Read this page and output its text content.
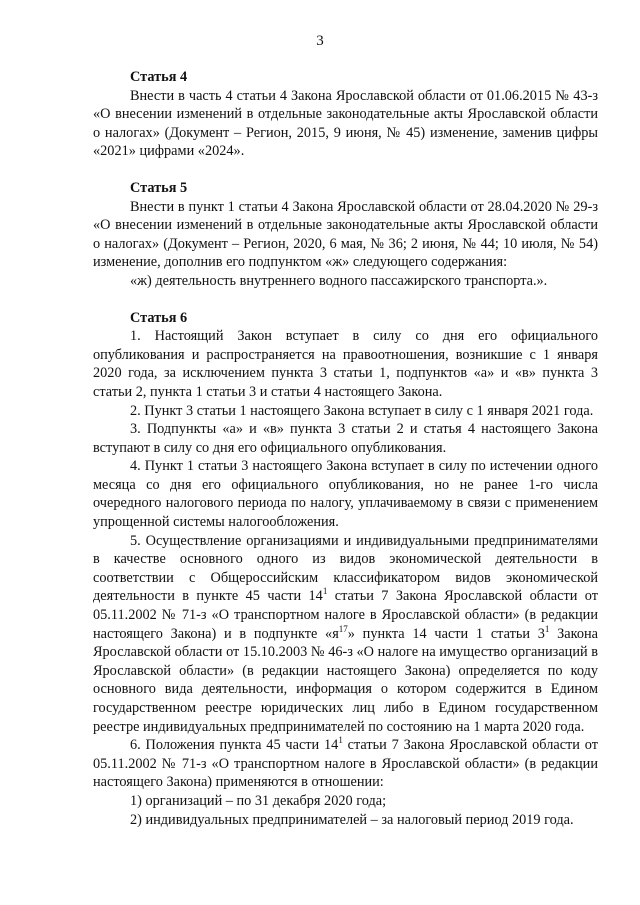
3

Статья 4

Внести в часть 4 статьи 4 Закона Ярославской области от 01.06.2015 № 43-з «О внесении изменений в отдельные законодательные акты Ярославской области о налогах» (Документ – Регион, 2015, 9 июня, № 45) изменение, заменив цифры «2021» цифрами «2024».

Статья 5

Внести в пункт 1 статьи 4 Закона Ярославской области от 28.04.2020 № 29-з «О внесении изменений в отдельные законодательные акты Ярославской области о налогах» (Документ – Регион, 2020, 6 мая, № 36; 2 июня, № 44; 10 июля, № 54) изменение, дополнив его подпунктом «ж» следующего содержания:

«ж) деятельность внутреннего водного пассажирского транспорта.».

Статья 6

1. Настоящий Закон вступает в силу со дня его официального опубликования и распространяется на правоотношения, возникшие с 1 января 2020 года, за исключением пункта 3 статьи 1, подпунктов «а» и «в» пункта 3 статьи 2, пункта 1 статьи 3 и статьи 4 настоящего Закона.

2. Пункт 3 статьи 1 настоящего Закона вступает в силу с 1 января 2021 года.

3. Подпункты «а» и «в» пункта 3 статьи 2 и статья 4 настоящего Закона вступают в силу со дня его официального опубликования.

4. Пункт 1 статьи 3 настоящего Закона вступает в силу по истечении одного месяца со дня его официального опубликования, но не ранее 1-го числа очередного налогового периода по налогу, уплачиваемому в связи с применением упрощенной системы налогообложения.

5. Осуществление организациями и индивидуальными предпринимателями в качестве основного одного из видов экономической деятельности в соответствии с Общероссийским классификатором видов экономической деятельности в пункте 45 части $14^1$ статьи 7 Закона Ярославской области от 05.11.2002 № 71-з «О транспортном налоге в Ярославской области» (в редакции настоящего Закона) и в подпункте «$я^{17}$» пункта 14 части 1 статьи $3^1$ Закона Ярославской области от 15.10.2003 № 46-з «О налоге на имущество организаций в Ярославской области» (в редакции настоящего Закона) определяется по коду основного вида деятельности, информация о котором содержится в Едином государственном реестре юридических лиц либо в Едином государственном реестре индивидуальных предпринимателей по состоянию на 1 марта 2020 года.

6. Положения пункта 45 части $14^1$ статьи 7 Закона Ярославской области от 05.11.2002 № 71-з «О транспортном налоге в Ярославской области» (в редакции настоящего Закона) применяются в отношении:

1) организаций – по 31 декабря 2020 года;

2) индивидуальных предпринимателей – за налоговый период 2019 года.
